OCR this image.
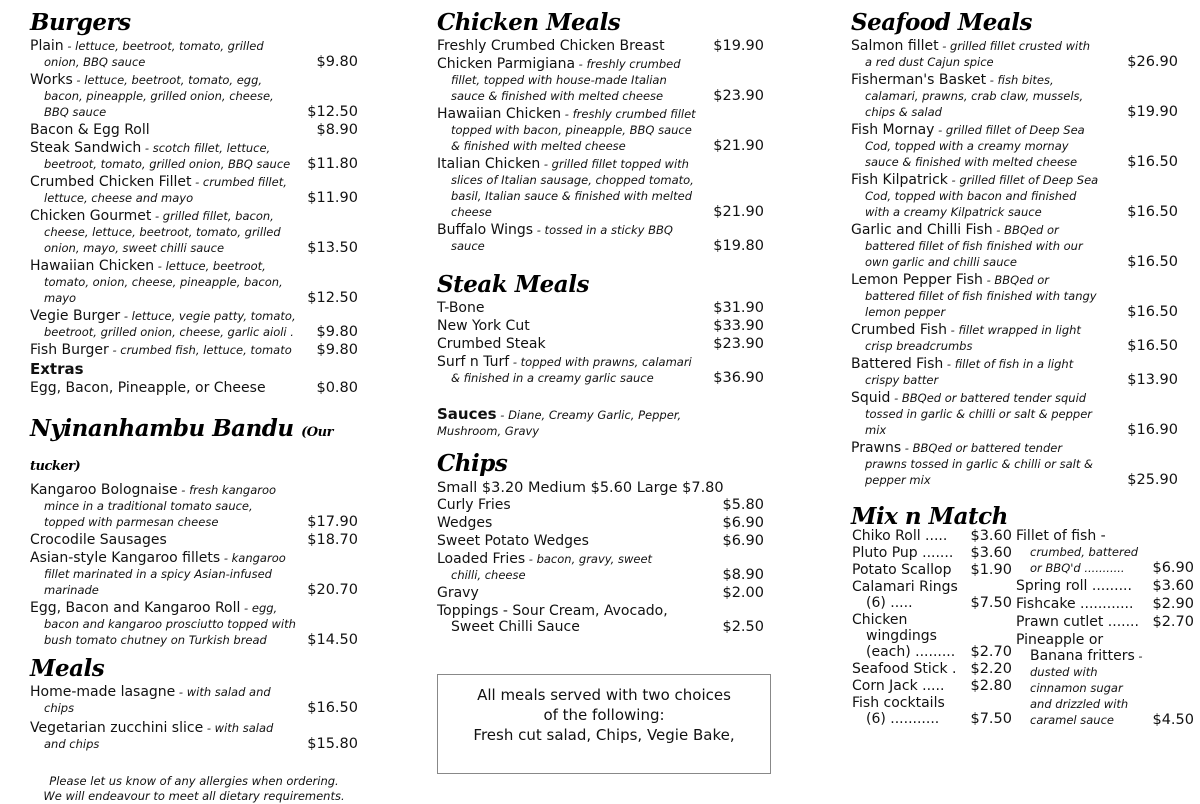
Burgers
Plain - lettuce, beetroot, tomato, grilled onion, BBQ sauce	$9.80
Works - lettuce, beetroot, tomato, egg, bacon, pineapple, grilled onion, cheese, BBQ sauce	$12.50
Bacon & Egg Roll	$8.90
Steak Sandwich - scotch fillet, lettuce, beetroot, tomato, grilled onion, BBQ sauce $11.80
Crumbed Chicken Fillet - crumbed fillet, lettuce, cheese and mayo	$11.90
Chicken Gourmet - grilled fillet, bacon, cheese, lettuce, beetroot, tomato, grilled onion, mayo, sweet chilli sauce	$13.50
Hawaiian Chicken - lettuce, beetroot, tomato, onion, cheese, pineapple, bacon, mayo	$12.50
Vegie Burger - lettuce, vegie patty, tomato, beetroot, grilled onion, cheese, garlic aioli . $9.80
Fish Burger - crumbed fish, lettuce, tomato $9.80
Extras
Egg, Bacon, Pineapple, or Cheese	$0.80
Nyinanhambu Bandu (Our tucker)
Kangaroo Bolognaise - fresh kangaroo mince in a traditional tomato sauce, topped with parmesan cheese	$17.90
Crocodile Sausages	$18.70
Asian-style Kangaroo fillets - kangaroo fillet marinated in a spicy Asian-infused marinade	$20.70
Egg, Bacon and Kangaroo Roll - egg, bacon and kangaroo prosciutto topped with bush tomato chutney on Turkish bread	$14.50
Meals
Home-made lasagne - with salad and chips	$16.50
Vegetarian zucchini slice - with salad and chips	$15.80
Please let us know of any allergies when ordering.
We will endeavour to meet all dietary requirements.
Chicken Meals
Freshly Crumbed Chicken Breast	$19.90
Chicken Parmigiana - freshly crumbed fillet, topped with house-made Italian sauce & finished with melted cheese	$23.90
Hawaiian Chicken - freshly crumbed fillet topped with bacon, pineapple, BBQ sauce & finished with melted cheese	$21.90
Italian Chicken - grilled fillet topped with slices of Italian sausage, chopped tomato, basil, Italian sauce & finished with melted cheese	$21.90
Buffalo Wings - tossed in a sticky BBQ sauce	$19.80
Steak Meals
T-Bone	$31.90
New York Cut	$33.90
Crumbed Steak	$23.90
Surf n Turf - topped with prawns, calamari & finished in a creamy garlic sauce	$36.90
Sauces - Diane, Creamy Garlic, Pepper, Mushroom, Gravy
Chips
Small $3.20 Medium $5.60 Large $7.80
Curly Fries	$5.80
Wedges	$6.90
Sweet Potato Wedges	$6.90
Loaded Fries - bacon, gravy, sweet chilli, cheese	$8.90
Gravy	$2.00
Toppings - Sour Cream, Avocado, Sweet Chilli Sauce	$2.50
All meals served with two choices
of the following:
Fresh cut salad, Chips, Vegie Bake,
Seafood Meals
Salmon fillet - grilled fillet crusted with a red dust Cajun spice	$26.90
Fisherman's Basket - fish bites, calamari, prawns, crab claw, mussels, chips & salad	$19.90
Fish Mornay - grilled fillet of Deep Sea Cod, topped with a creamy mornay sauce & finished with melted cheese	$16.50
Fish Kilpatrick - grilled fillet of Deep Sea Cod, topped with bacon and finished with a creamy Kilpatrick sauce	$16.50
Garlic and Chilli Fish - BBQed or battered fillet of fish finished with our own garlic and chilli sauce	$16.50
Lemon Pepper Fish - BBQed or battered fillet of fish finished with tangy lemon pepper	$16.50
Crumbed Fish - fillet wrapped in light crisp breadcrumbs	$16.50
Battered Fish - fillet of fish in a light crispy batter	$13.90
Squid - BBQed or battered tender squid tossed in garlic & chilli or salt & pepper mix	$16.90
Prawns - BBQed or battered tender prawns tossed in garlic & chilli or salt & pepper mix	$25.90
Mix n Match
Chiko Roll ..... $3.60
Pluto Pup ....... $3.60
Potato Scallop $1.90
Calamari Rings (6) .....	$7.50
Chicken wingdings (each) ......... $2.70
Seafood Stick . $2.20
Corn Jack ..... $2.80
Fish cocktails (6) ........... $7.50
Fillet of fish - crumbed, battered or BBQ'd ........... $6.90
Spring roll ......... $3.60
Fishcake ............ $2.90
Prawn cutlet ....... $2.70
Pineapple or Banana fritters - dusted with cinnamon sugar and drizzled with caramel sauce	$4.50
